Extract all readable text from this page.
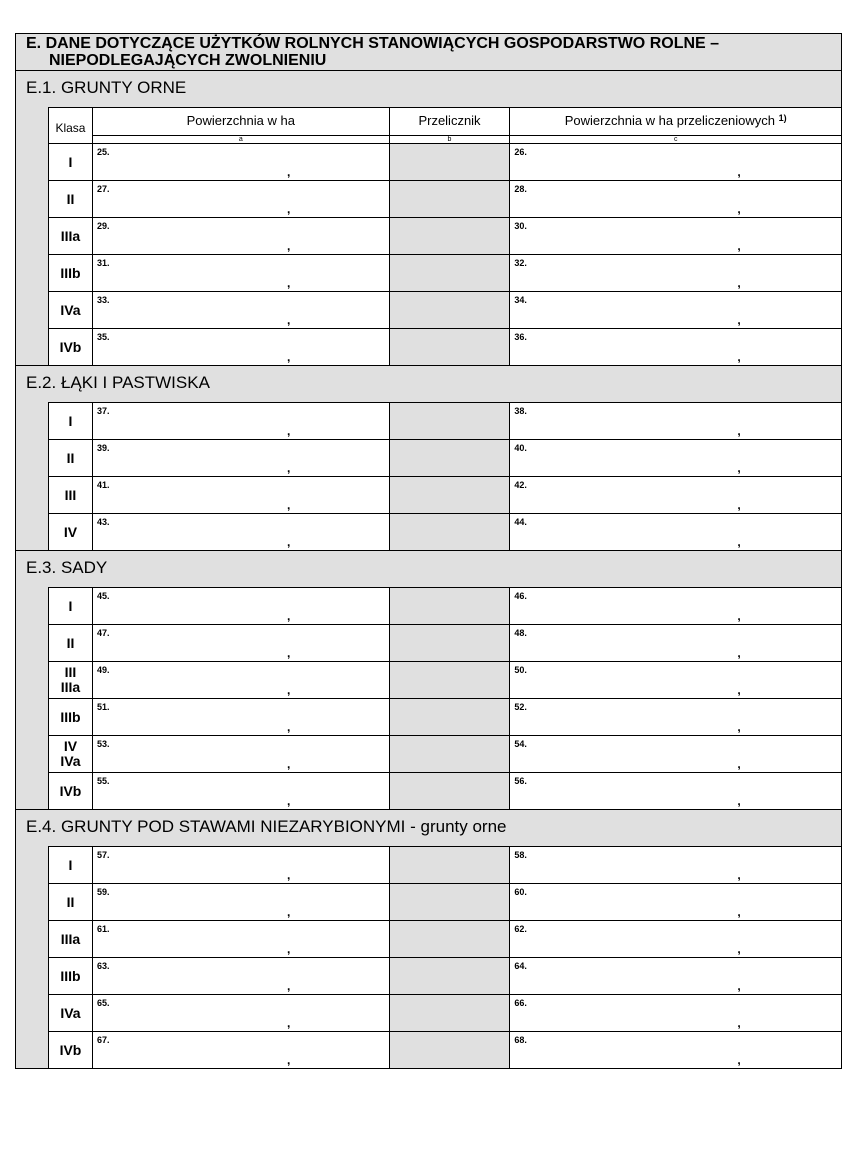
E. DANE DOTYCZĄCE UŻYTKÓW ROLNYCH STANOWIĄCYCH GOSPODARSTWO ROLNE –
NIEPODLEGAJĄCYCH ZWOLNIENIU
E.1. GRUNTY ORNE
Klasa	Powierzchnia w ha
a
Przelicznik
b
Powierzchnia w ha przeliczeniowych $^{1)}$
c
I
25.
,
26.
,
II
27.
,
28.
,
IIIa
29.
,
30.
,
IIIb
31.
,
32.
,
IVa
33.
,
34.
,
IVb
35.
,
36.
,
E.2. ŁĄKI I PASTWISKA
I
37.
,
38.
,
II
39.
,
40.
,
III
41.
,
42.
,
IV
43.
,
44.
,
E.3. SADY
I
45.
,
46.
,
II
47.
,
48.
,
III
IIIa
49.
,
50.
,
IIIb
51.
,
52.
,
IV
IVa
53.
,
54.
,
IVb
55.
,
56.
,
E.4. GRUNTY POD STAWAMI NIEZARYBIONYMI - grunty orne
I
57.
,
58.
,
II
59.
,
60.
,
IIIa
61.
,
62.
,
IIIb
63.
,
64.
,
IVa
65.
,
66.
,
IVb
67.
,
68.
,
